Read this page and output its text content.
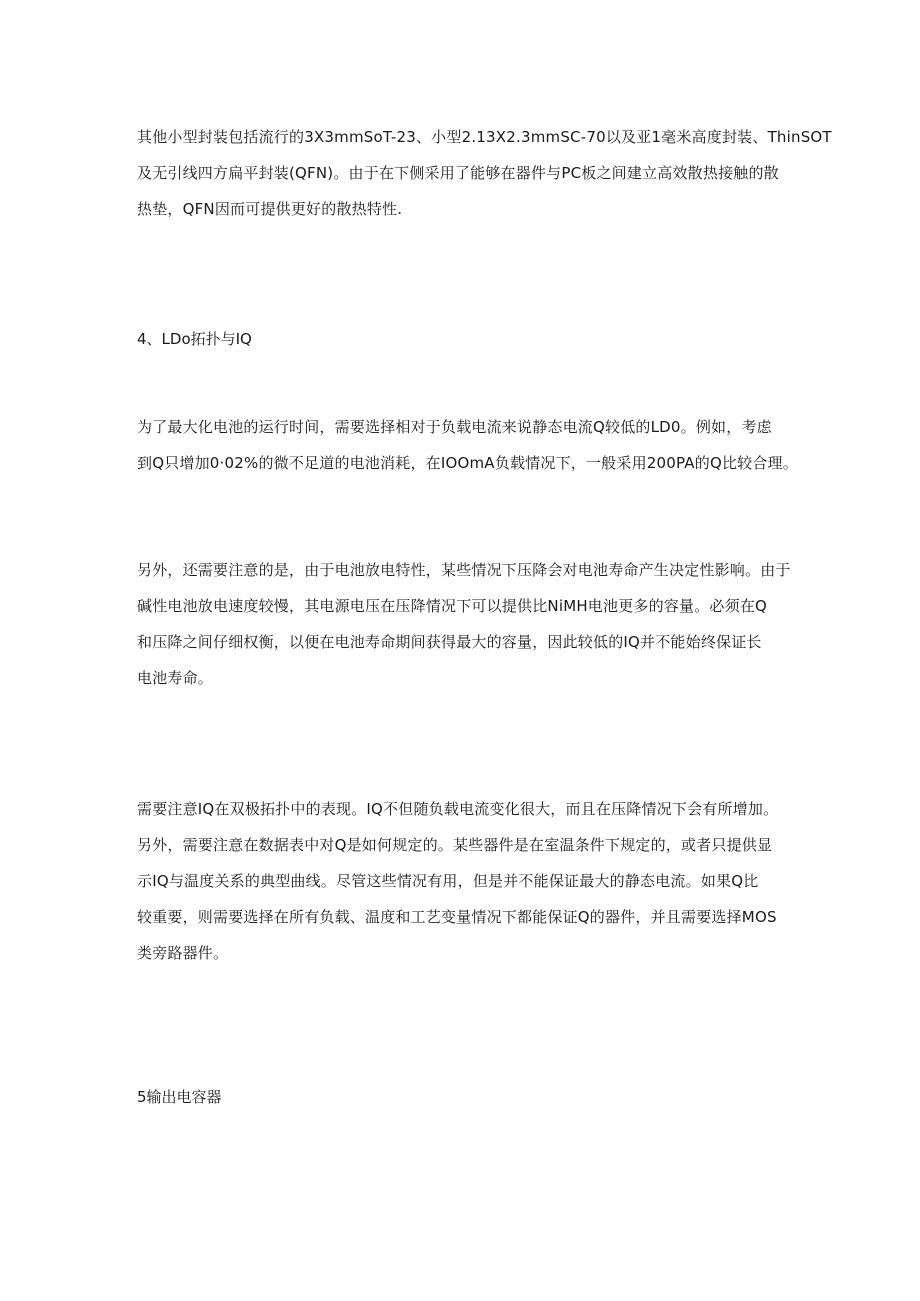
其他小型封装包括流行的3X3mmSoT-23、小型2.13X2.3mmSC-70以及亚1毫米高度封装、ThinSOT
及无引线四方扁平封装(QFN)。由于在下侧采用了能够在器件与PC板之间建立高效散热接触的散
热垫，QFN因而可提供更好的散热特性.
4、LDo拓扑与IQ
为了最大化电池的运行时间，需要选择相对于负载电流来说静态电流Q较低的LD0。例如，考虑
到Q只增加0·02%的微不足道的电池消耗，在IOOmA负载情况下，一般采用200PA的Q比较合理。
另外，还需要注意的是，由于电池放电特性，某些情况下压降会对电池寿命产生决定性影响。由于
碱性电池放电速度较慢，其电源电压在压降情况下可以提供比NiMH电池更多的容量。必须在Q
和压降之间仔细权衡，以便在电池寿命期间获得最大的容量，因此较低的IQ并不能始终保证长
电池寿命。
需要注意IQ在双极拓扑中的表现。IQ不但随负载电流变化很大，而且在压降情况下会有所增加。
另外，需要注意在数据表中对Q是如何规定的。某些器件是在室温条件下规定的，或者只提供显
示IQ与温度关系的典型曲线。尽管这些情况有用，但是并不能保证最大的静态电流。如果Q比
较重要，则需要选择在所有负载、温度和工艺变量情况下都能保证Q的器件，并且需要选择MOS
类旁路器件。
5输出电容器
